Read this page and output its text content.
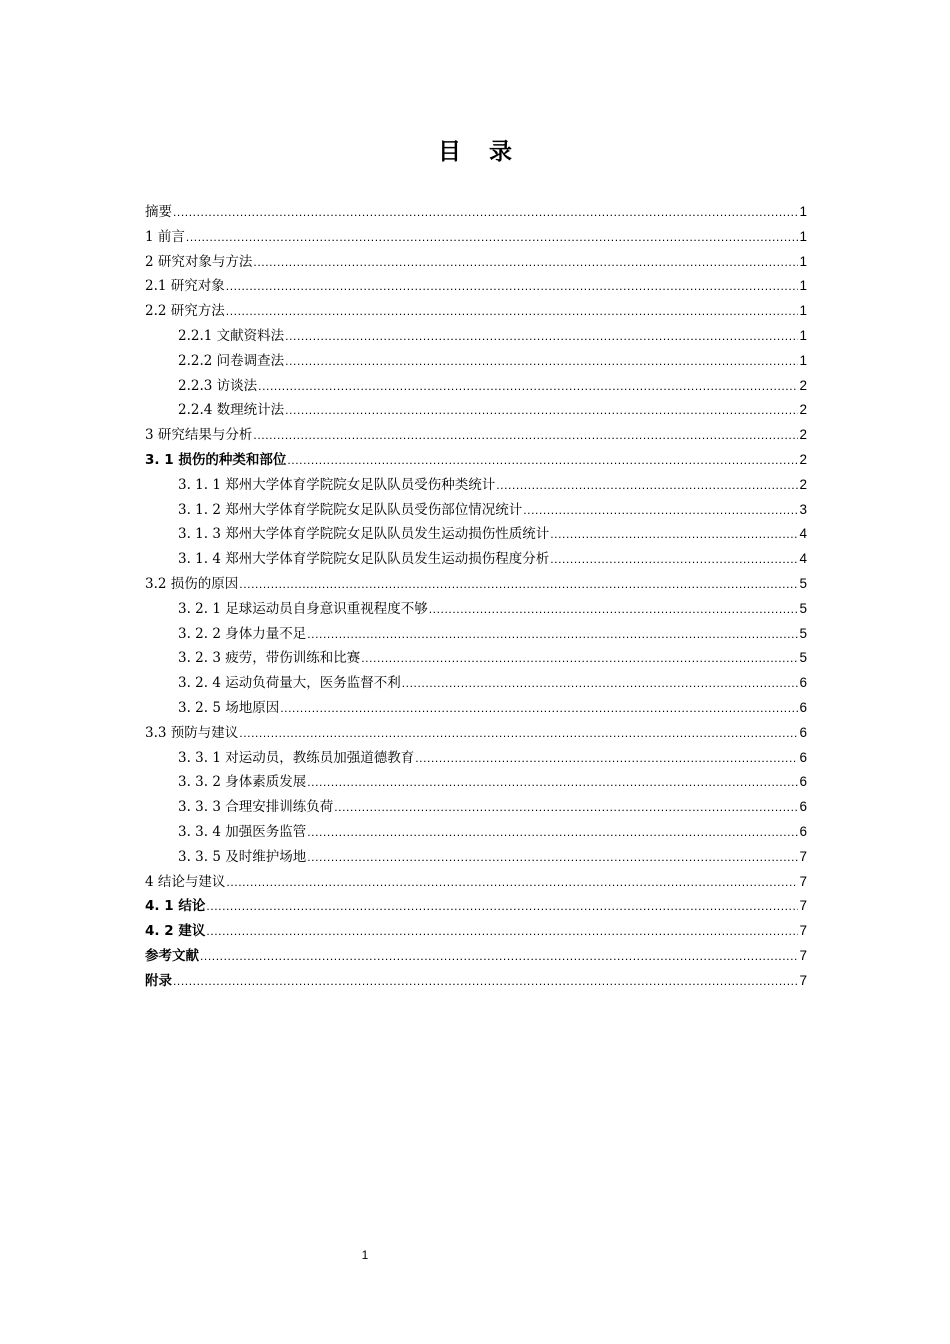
目 录
摘要 .....	1
1 前言 .....	1
2 研究对象与方法 .....	1
2.1 研究对象 .....	1
2.2 研究方法 .....	1
2.2.1 文献资料法 .....	1
2.2.2 问卷调查法 .....	1
2.2.3 访谈法 .....	2
2.2.4 数理统计法 .....	2
3 研究结果与分析 .....	2
3. 1 损伤的种类和部位 .....	2
3. 1. 1 郑州大学体育学院院女足队队员受伤种类统计 .....	2
3. 1. 2 郑州大学体育学院院女足队队员受伤部位情况统计 .....	3
3. 1. 3 郑州大学体育学院院女足队队员发生运动损伤性质统计 .....	4
3. 1. 4 郑州大学体育学院院女足队队员发生运动损伤程度分析 .....	4
3.2 损伤的原因 .....	5
3. 2. 1 足球运动员自身意识重视程度不够 .....	5
3. 2. 2 身体力量不足 .....	5
3. 2. 3 疲劳，带伤训练和比赛 .....	5
3. 2. 4 运动负荷量大，医务监督不利 .....	6
3. 2. 5 场地原因 .....	6
3.3 预防与建议 .....	6
3. 3. 1 对运动员，教练员加强道德教育 .....	6
3. 3. 2 身体素质发展 .....	6
3. 3. 3 合理安排训练负荷 .....	6
3. 3. 4 加强医务监管 .....	6
3. 3. 5 及时维护场地 .....	7
4 结论与建议 .....	7
4. 1 结论 .....	7
4. 2 建议 .....	7
参考文献 .....	7
附录 .....	7
1
